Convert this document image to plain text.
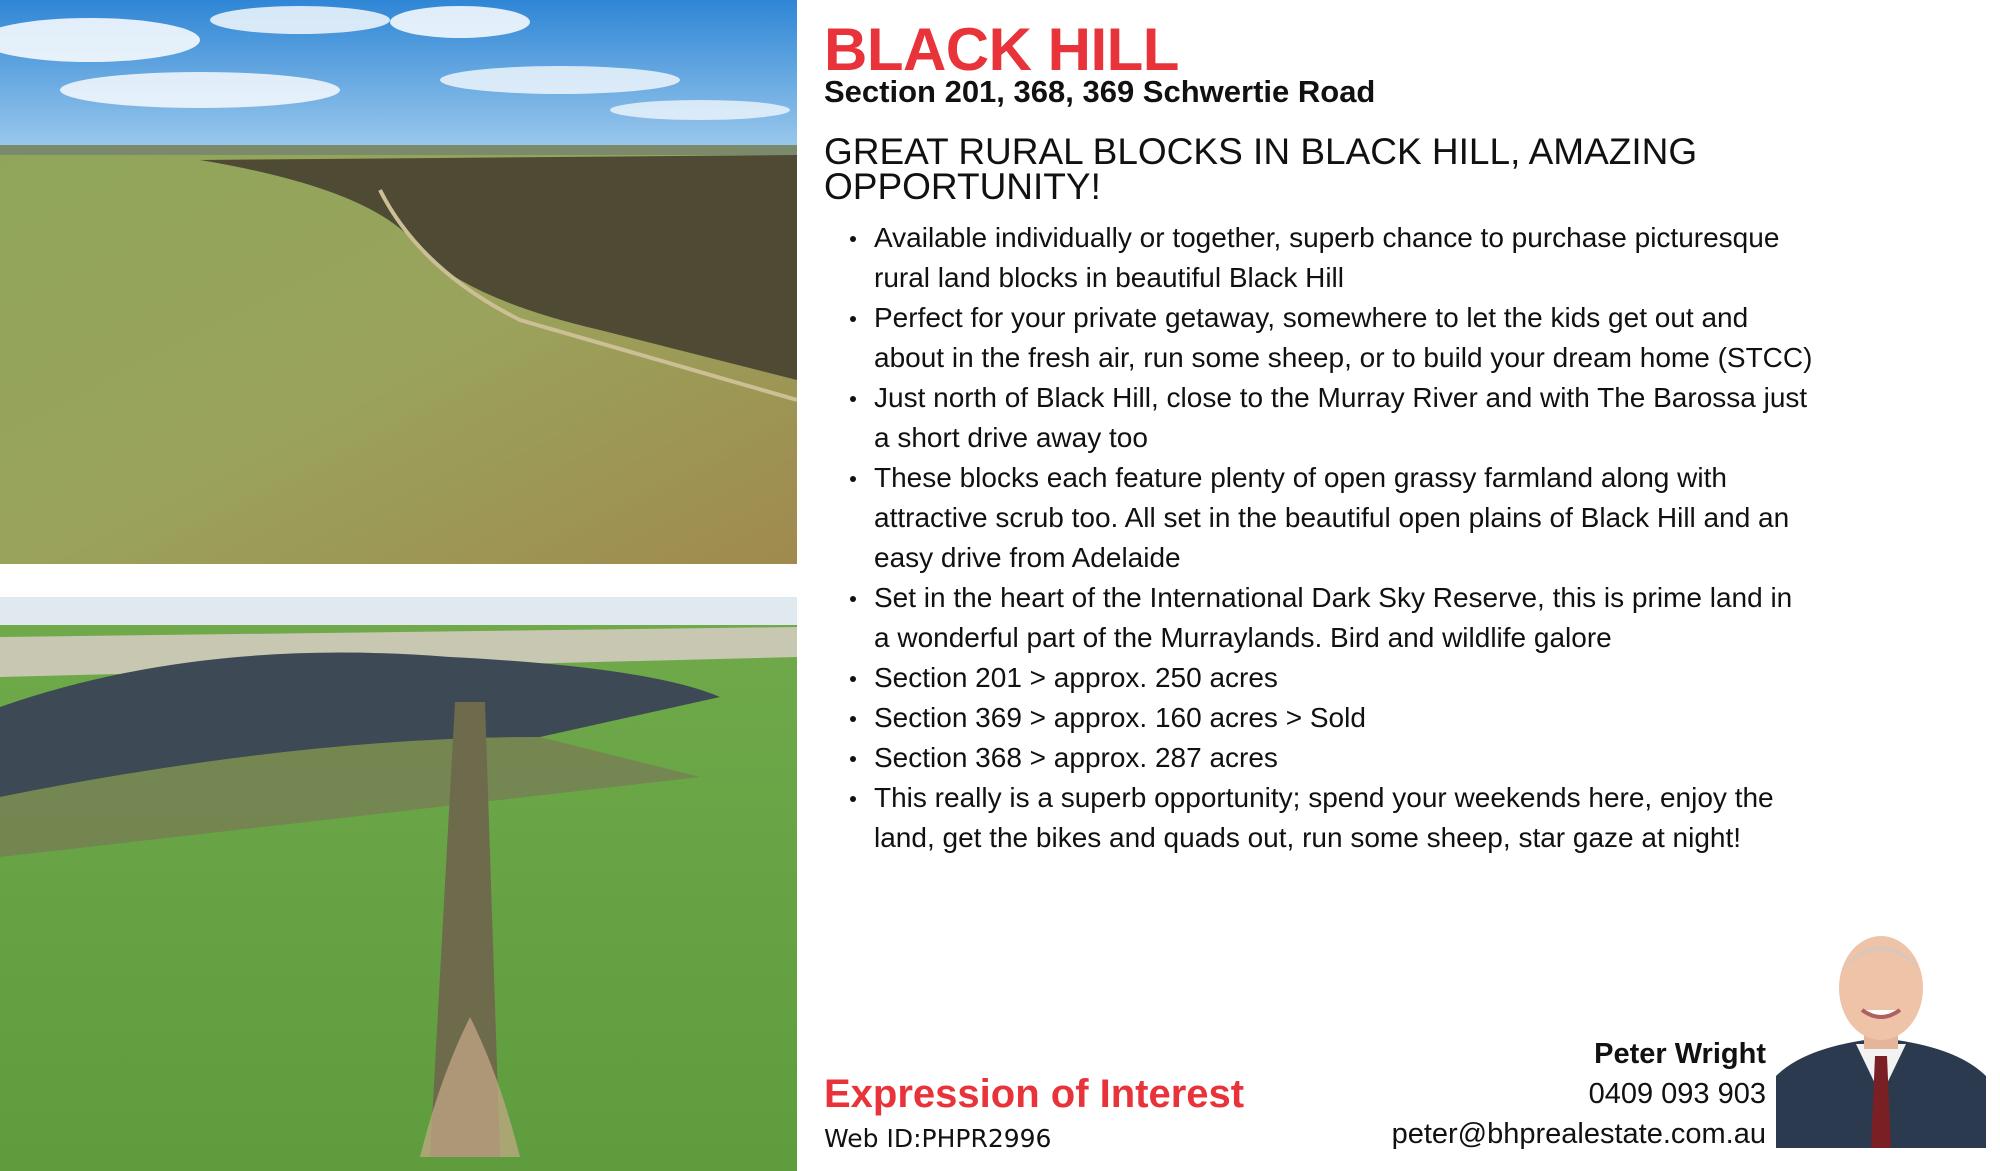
BLACK HILL
Section 201, 368, 369 Schwertie Road
GREAT RURAL BLOCKS IN BLACK HILL, AMAZING OPPORTUNITY!
Available individually or together, superb chance to purchase picturesque rural land blocks in beautiful Black Hill
Perfect for your private getaway, somewhere to let the kids get out and about in the fresh air, run some sheep, or to build your dream home (STCC)
Just north of Black Hill, close to the Murray River and with The Barossa just a short drive away too
These blocks each feature plenty of open grassy farmland along with attractive scrub too. All set in the beautiful open plains of Black Hill and an easy drive from Adelaide
Set in the heart of the International Dark Sky Reserve, this is prime land in a wonderful part of the Murraylands. Bird and wildlife galore
Section 201 > approx. 250 acres
Section 369 > approx. 160 acres > Sold
Section 368 > approx. 287 acres
This really is a superb opportunity; spend your weekends here, enjoy the land, get the bikes and quads out, run some sheep, star gaze at night!
Expression of Interest
Web ID:PHPR2996
Peter Wright
0409 093 903
peter@bhprealestate.com.au
